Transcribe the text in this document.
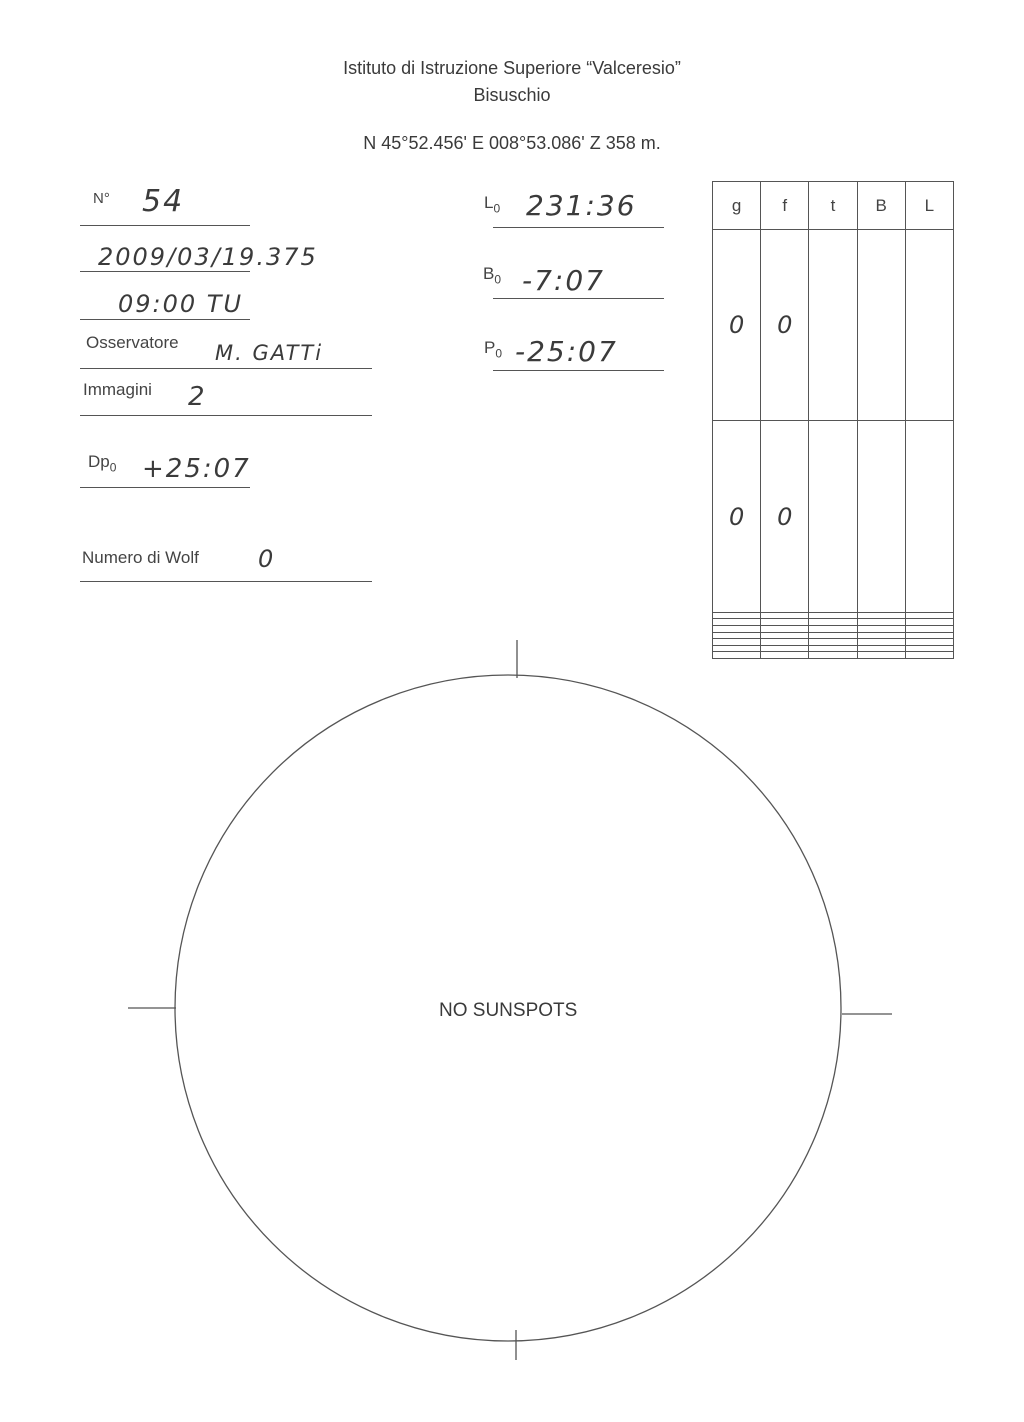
Istituto di Istruzione Superiore “Valceresio”
Bisuschio
N 45°52.456' E 008°53.086' Z 358 m.
N° 54
2009/03/19.375
09:00 TU
Osservatore M. GATTi
Immagini 2
$Dp_0$ +25:07
Numero di Wolf 0
$L_0$ 231:36
$B_0$ -7:07
$P_0$ -25:07
g	f	t	B	L
0	0			
0	0			

NO SUNSPOTS
